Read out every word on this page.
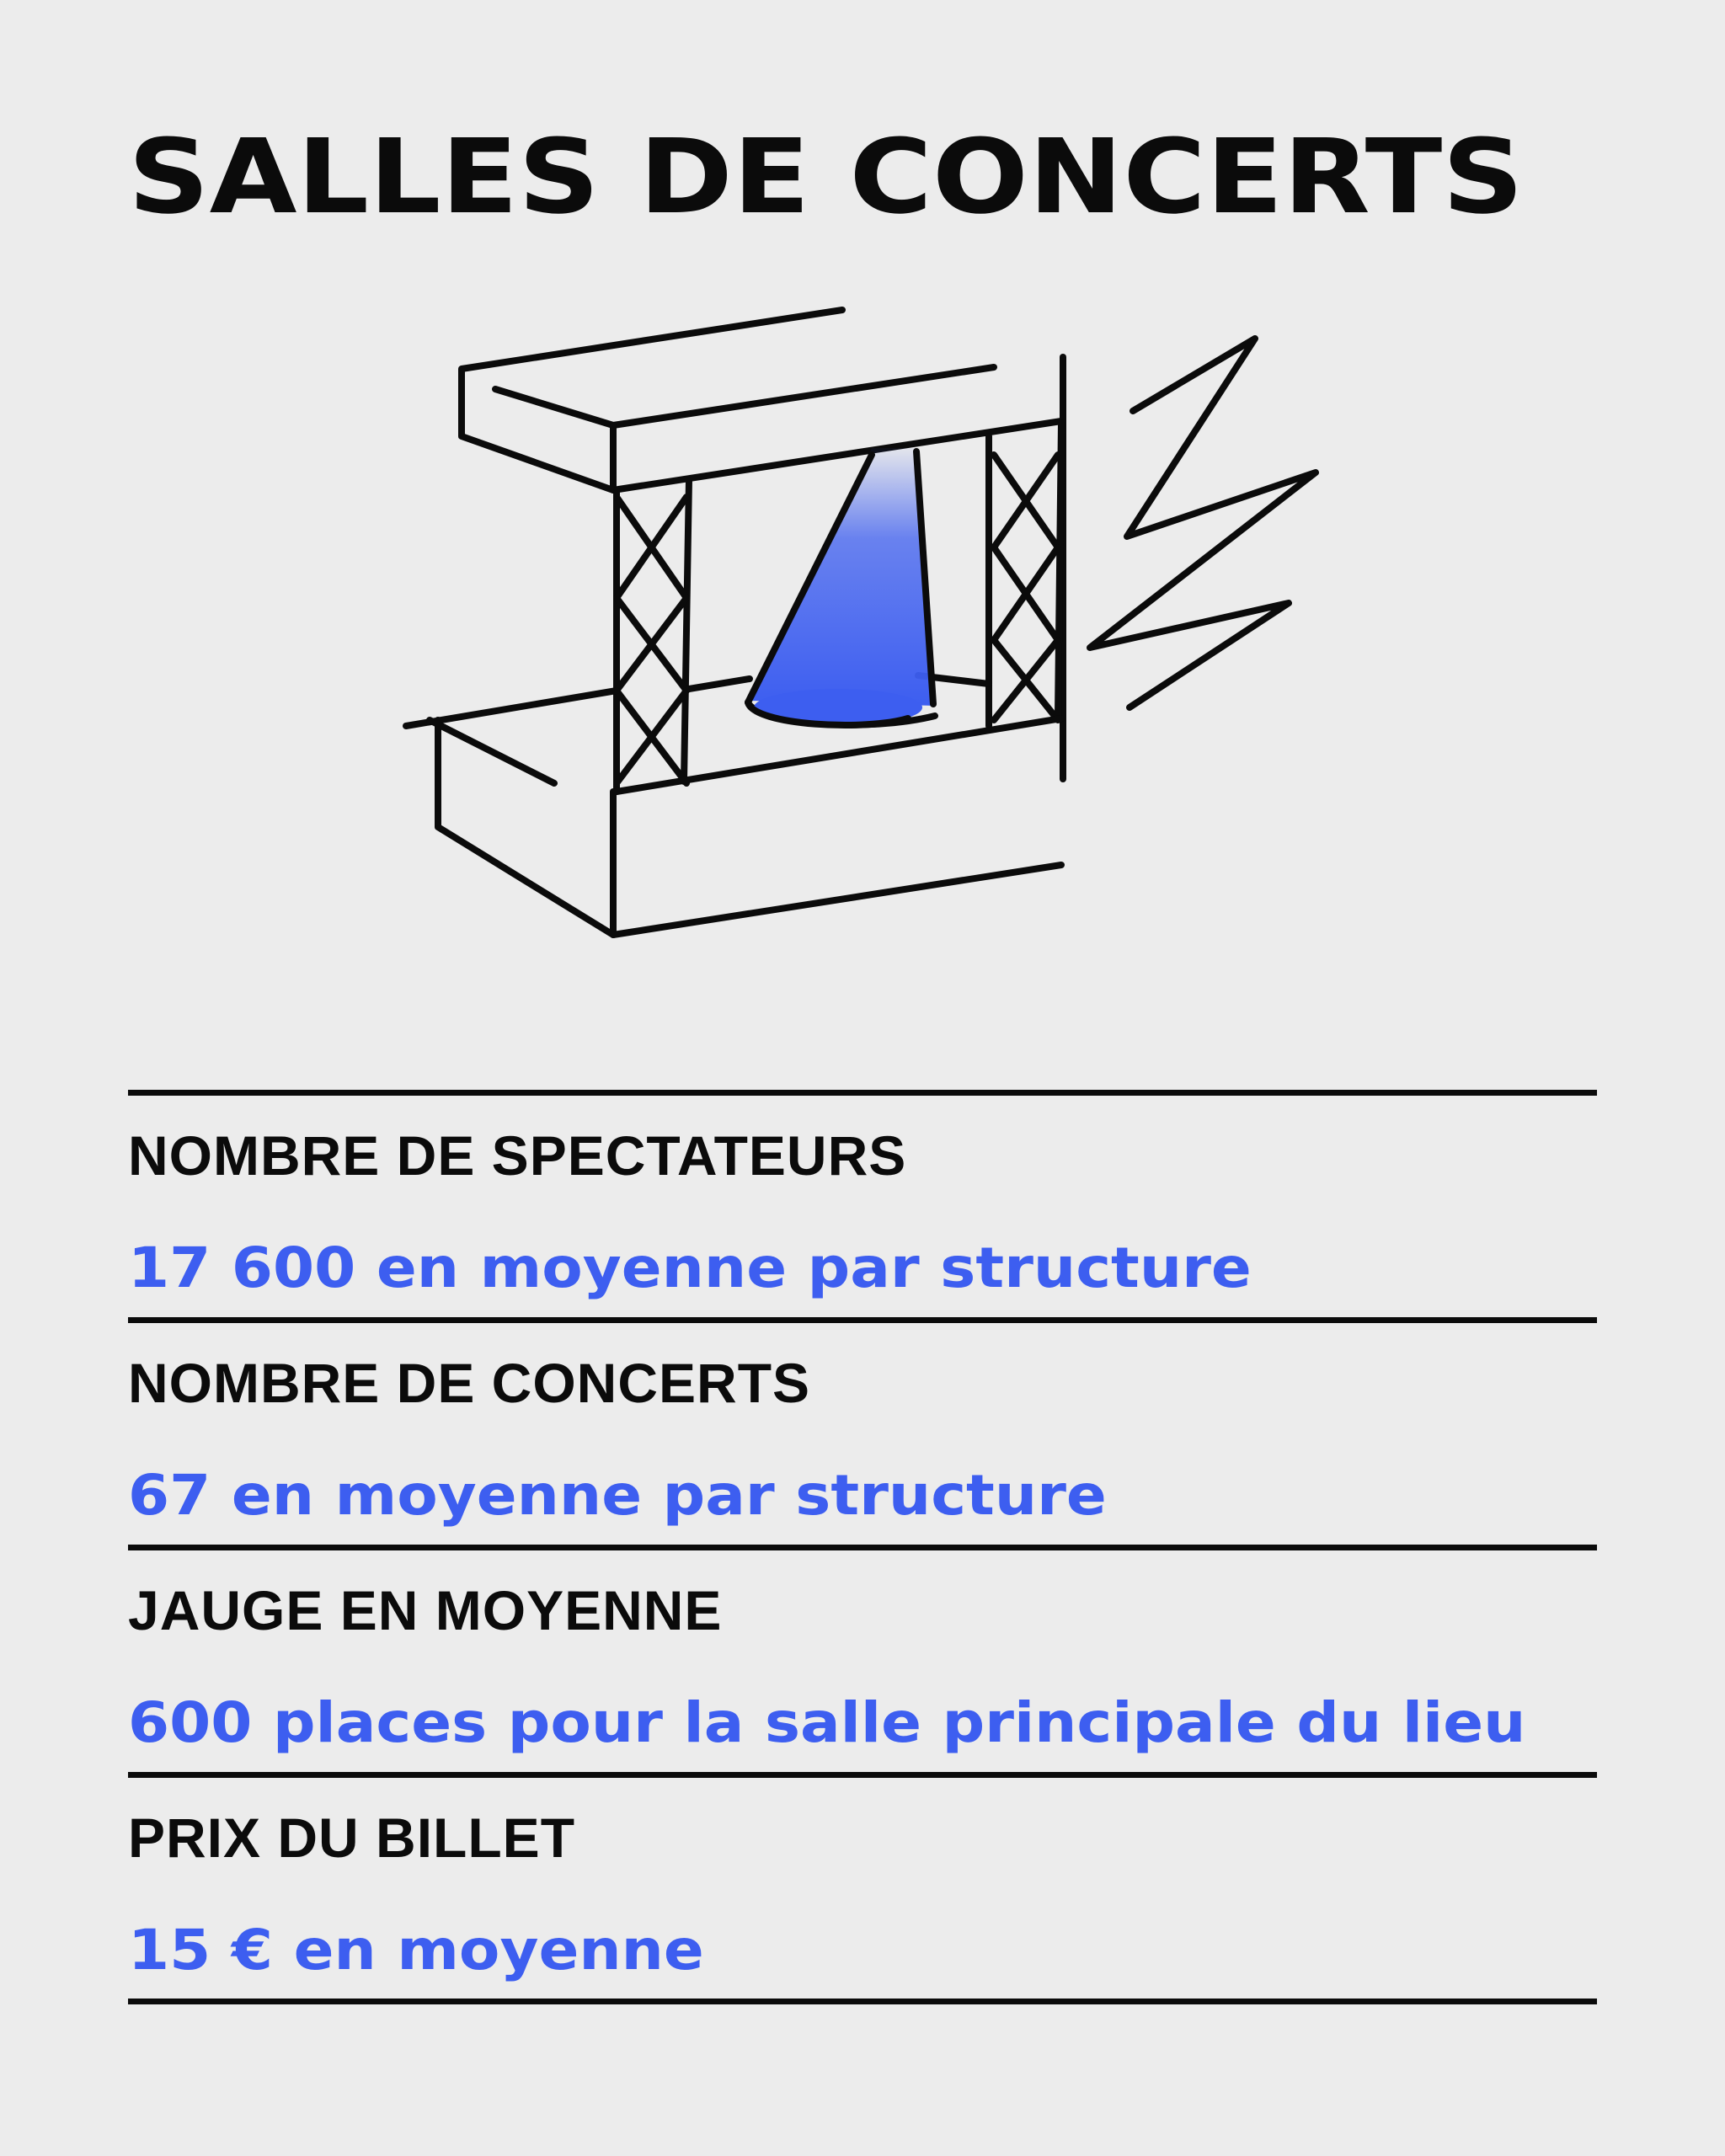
SALLES DE CONCERTS
NOMBRE DE SPECTATEURS
17 600 en moyenne par structure
NOMBRE DE CONCERTS
67 en moyenne par structure
JAUGE EN MOYENNE
600 places pour la salle principale du lieu
PRIX DU BILLET
15 € en moyenne
